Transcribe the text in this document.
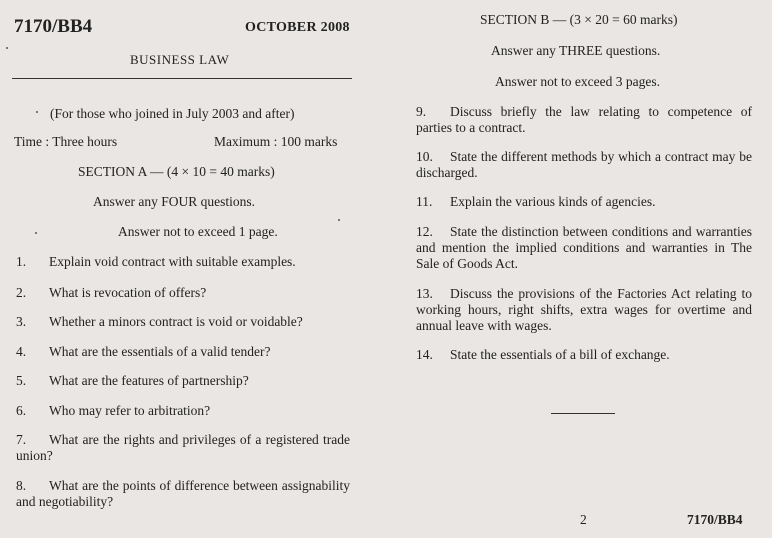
7170/BB4	OCTOBER 2008
BUSINESS LAW
(For those who joined in July 2003 and after)
Time : Three hours	Maximum : 100 marks
SECTION A — (4 × 10 = 40 marks)
Answer any FOUR questions.
Answer not to exceed 1 page.
1. Explain void contract with suitable examples.
2. What is revocation of offers?
3. Whether a minors contract is void or voidable?
4. What are the essentials of a valid tender?
5. What are the features of partnership?
6. Who may refer to arbitration?
7. What are the rights and privileges of a registered trade union?
8. What are the points of difference between assignability and negotiability?
SECTION B — (3 × 20 = 60 marks)
Answer any THREE questions.
Answer not to exceed 3 pages.
9. Discuss briefly the law relating to competence of parties to a contract.
10. State the different methods by which a contract may be discharged.
11. Explain the various kinds of agencies.
12. State the distinction between conditions and warranties and mention the implied conditions and warranties in The Sale of Goods Act.
13. Discuss the provisions of the Factories Act relating to working hours, right shifts, extra wages for overtime and annual leave with wages.
14. State the essentials of a bill of exchange.
2	7170/BB4
